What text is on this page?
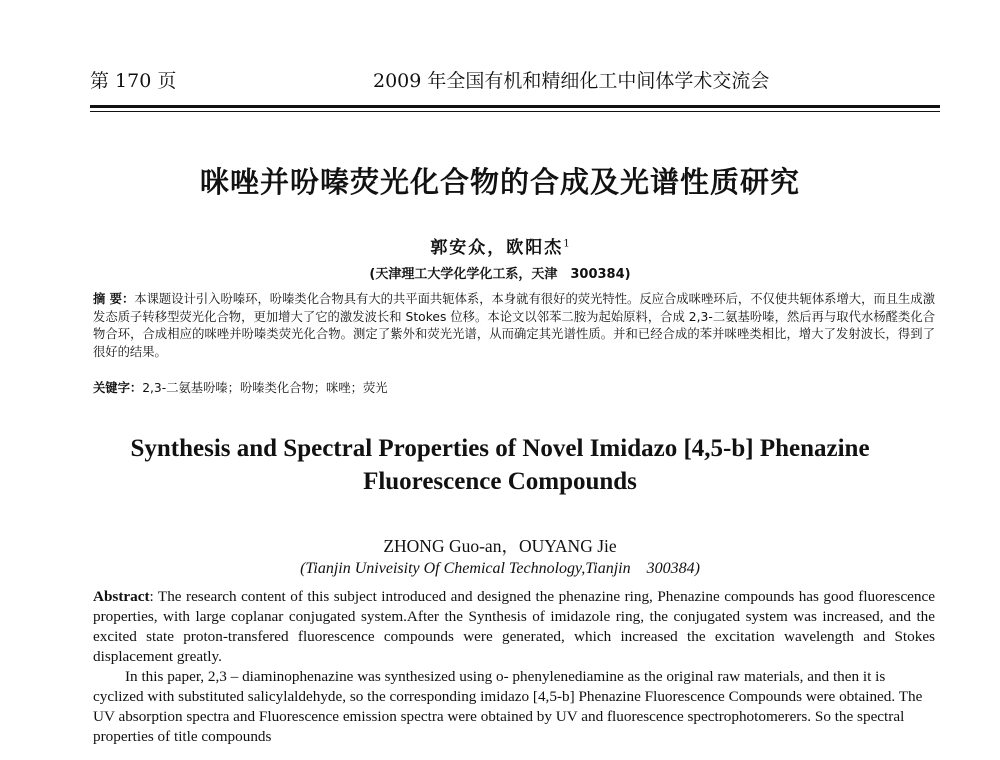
第 170 页	2009 年全国有机和精细化工中间体学术交流会
咪唑并吩嗪荧光化合物的合成及光谱性质研究
郭安众，欧阳杰$^1$
(天津理工大学化学化工系，天津　300384)
摘 要：本课题设计引入吩嗪环，吩嗪类化合物具有大的共平面共轭体系，本身就有很好的荧光特性。反应合成咪唑环后，不仅使共轭体系增大，而且生成激发态质子转移型荧光化合物，更加增大了它的激发波长和 Stokes 位移。本论文以邻苯二胺为起始原料，合成 2,3-二氨基吩嗪，然后再与取代水杨醛类化合物合环，合成相应的咪唑并吩嗪类荧光化合物。测定了紫外和荧光光谱，从而确定其光谱性质。并和已经合成的苯并咪唑类相比，增大了发射波长，得到了很好的结果。
关键字：2,3-二氨基吩嗪；吩嗪类化合物；咪唑；荧光
Synthesis and Spectral Properties of Novel Imidazo [4,5-b] Phenazine
Fluorescence Compounds
ZHONG Guo-an，OUYANG Jie
(Tianjin Univeisity Of Chemical Technology,Tianjin　300384)

Abstract: The research content of this subject introduced and designed the phenazine ring, Phenazine compounds has good fluorescence properties, with large coplanar conjugated system.After the Synthesis of imidazole ring, the conjugated system was increased, and the excited state proton-transfered fluorescence compounds were generated, which increased the excitation wavelength and Stokes displacement greatly.

In this paper, 2,3 – diaminophenazine was synthesized using o- phenylenediamine as the original raw materials, and then it is cyclized with substituted salicylaldehyde, so the corresponding imidazo [4,5-b] Phenazine Fluorescence Compounds were obtained. The UV absorption spectra and Fluorescence emission spectra were obtained by UV and fluorescence spectrophotomerers. So the spectral properties of title compounds
